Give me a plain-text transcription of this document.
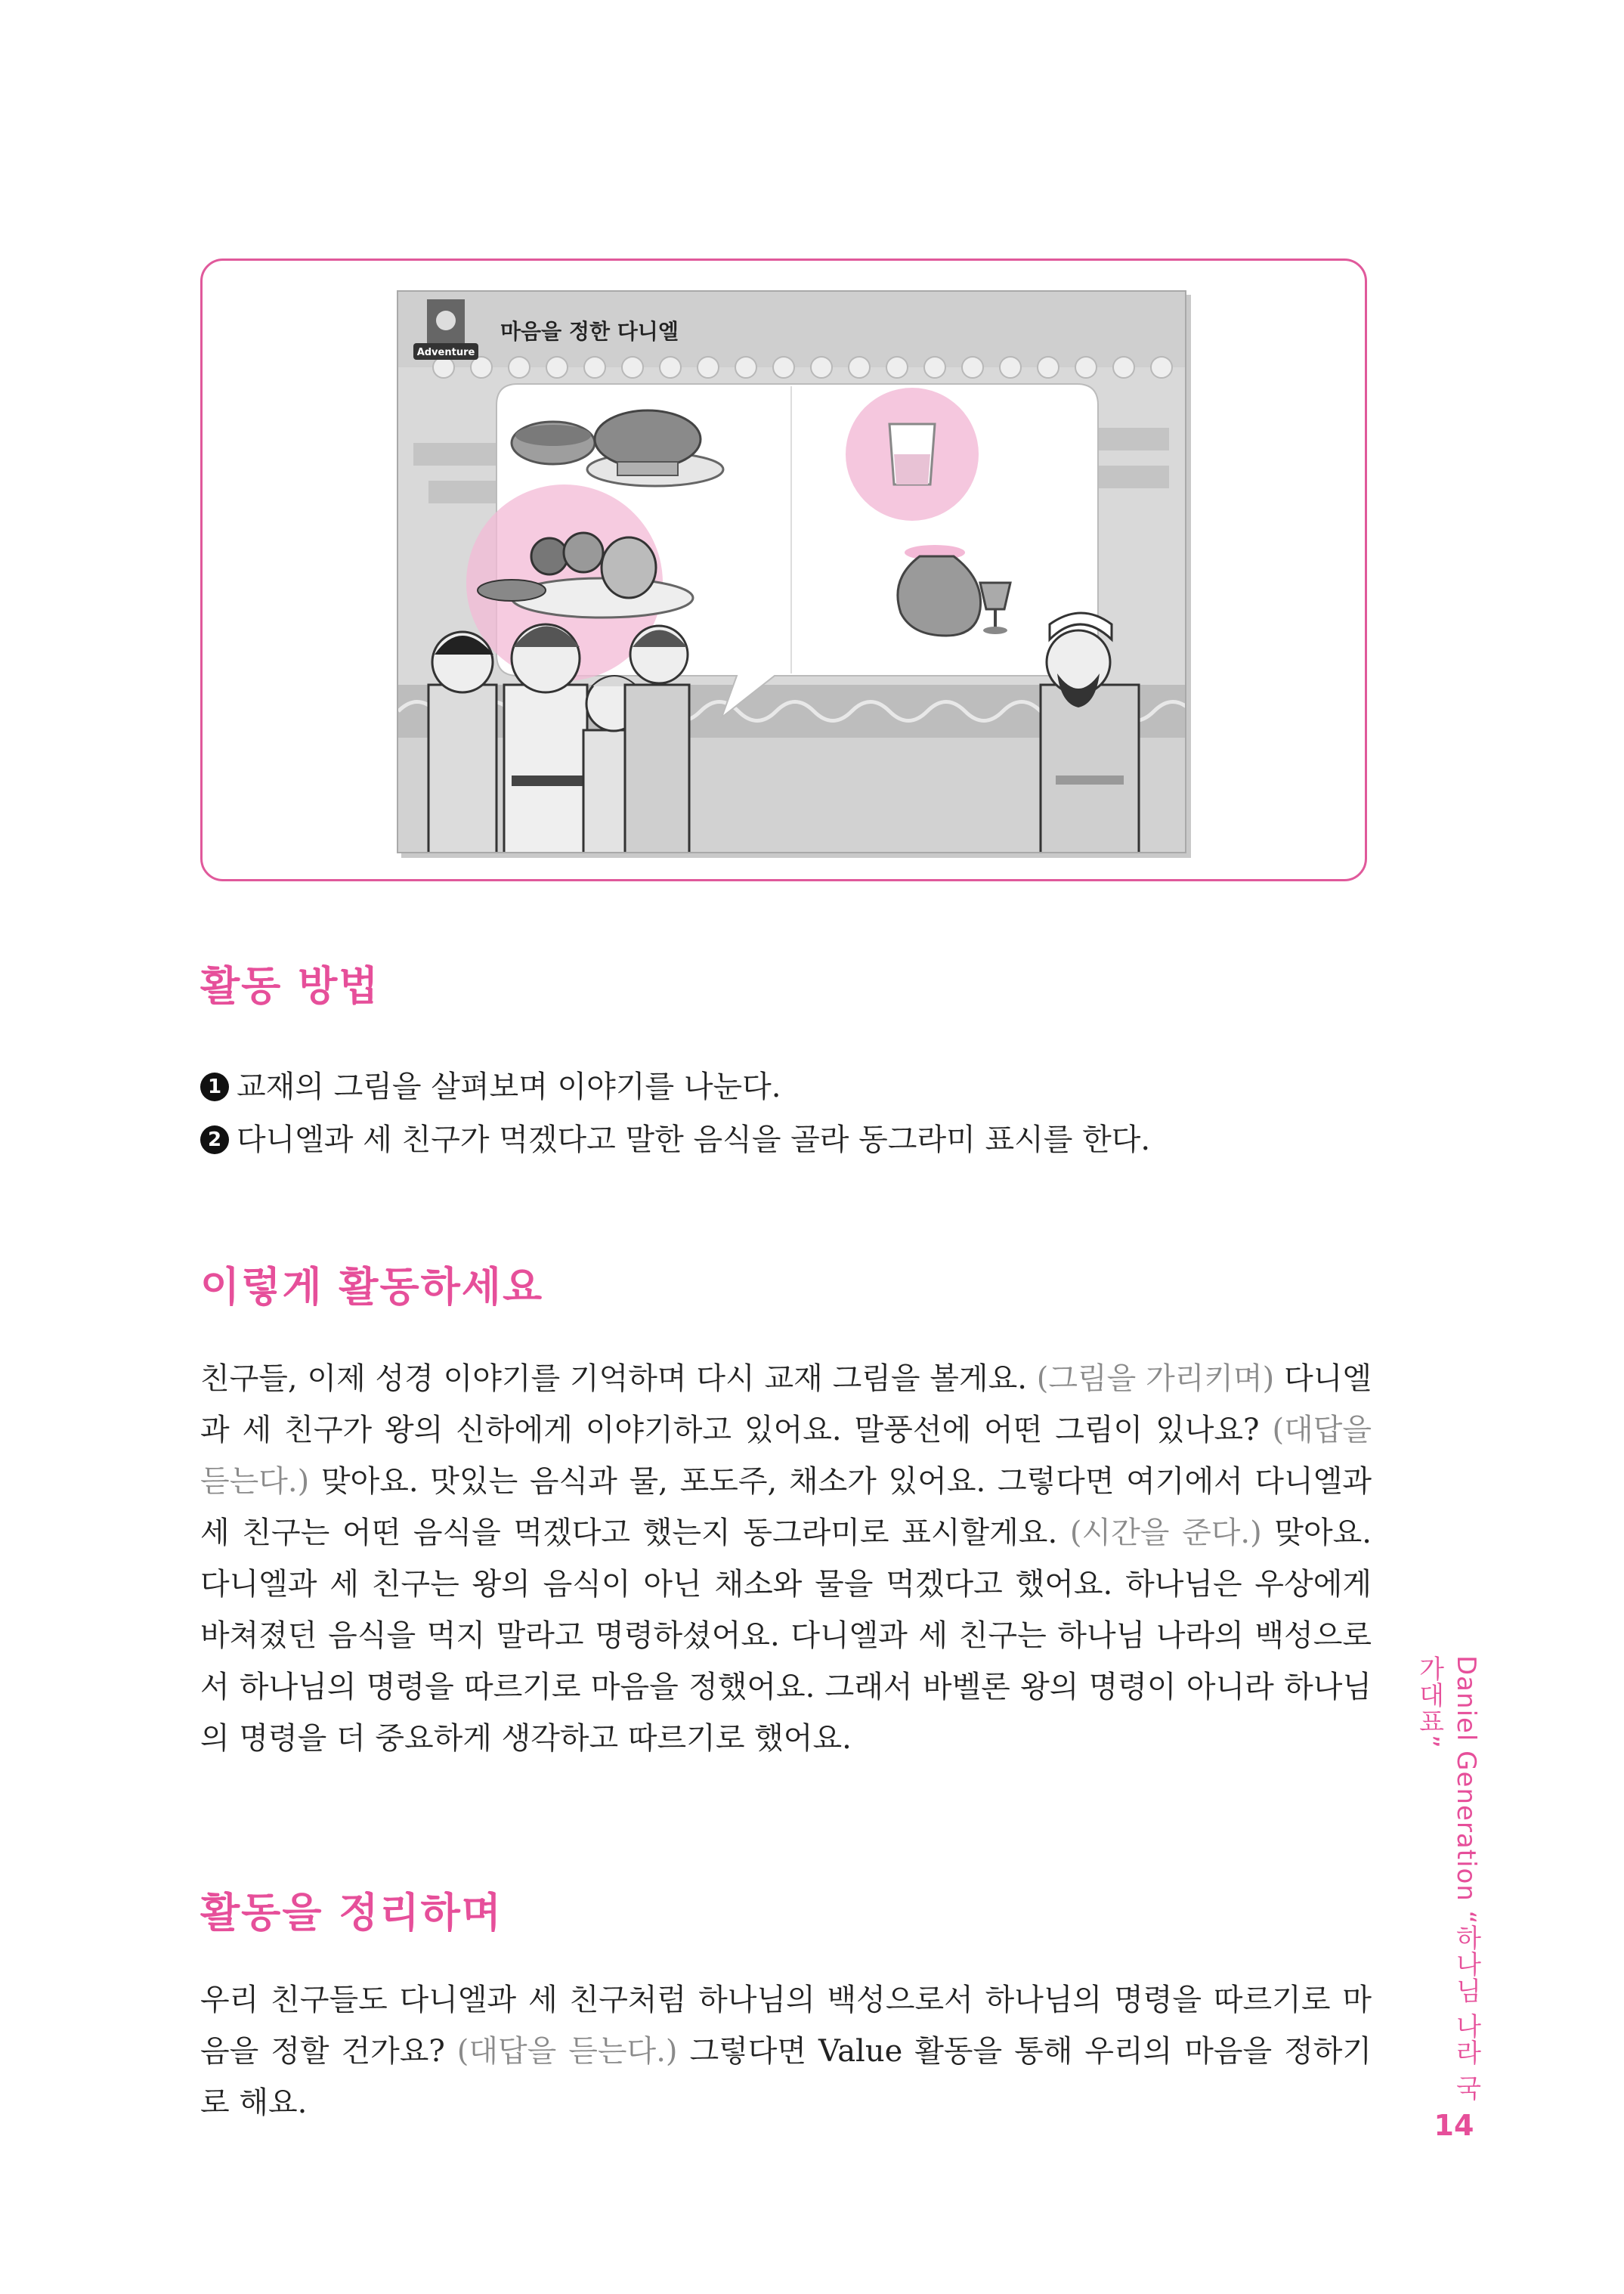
Adventure
마음을 정한 다니엘
활동 방법
1 교재의 그림을 살펴보며 이야기를 나눈다.
2 다니엘과 세 친구가 먹겠다고 말한 음식을 골라 동그라미 표시를 한다.
이렇게 활동하세요

친구들, 이제 성경 이야기를 기억하며 다시 교재 그림을 볼게요. (그림을 가리키며) 다니엘과 세 친구가 왕의 신하에게 이야기하고 있어요. 말풍선에 어떤 그림이 있나요? (대답을 듣는다.) 맞아요. 맛있는 음식과 물, 포도주, 채소가 있어요. 그렇다면 여기에서 다니엘과 세 친구는 어떤 음식을 먹겠다고 했는지 동그라미로 표시할게요. (시간을 준다.) 맞아요. 다니엘과 세 친구는 왕의 음식이 아닌 채소와 물을 먹겠다고 했어요. 하나님은 우상에게 바쳐졌던 음식을 먹지 말라고 명령하셨어요. 다니엘과 세 친구는 하나님 나라의 백성으로서 하나님의 명령을 따르기로 마음을 정했어요. 그래서 바벨론 왕의 명령이 아니라 하나님의 명령을 더 중요하게 생각하고 따르기로 했어요.

활동을 정리하며

우리 친구들도 다니엘과 세 친구처럼 하나님의 백성으로서 하나님의 명령을 따르기로 마음을 정할 건가요? (대답을 듣는다.) 그렇다면 Value 활동을 통해 우리의 마음을 정하기로 해요.

Daniel Generation “하나님 나라 국가대표”
14
